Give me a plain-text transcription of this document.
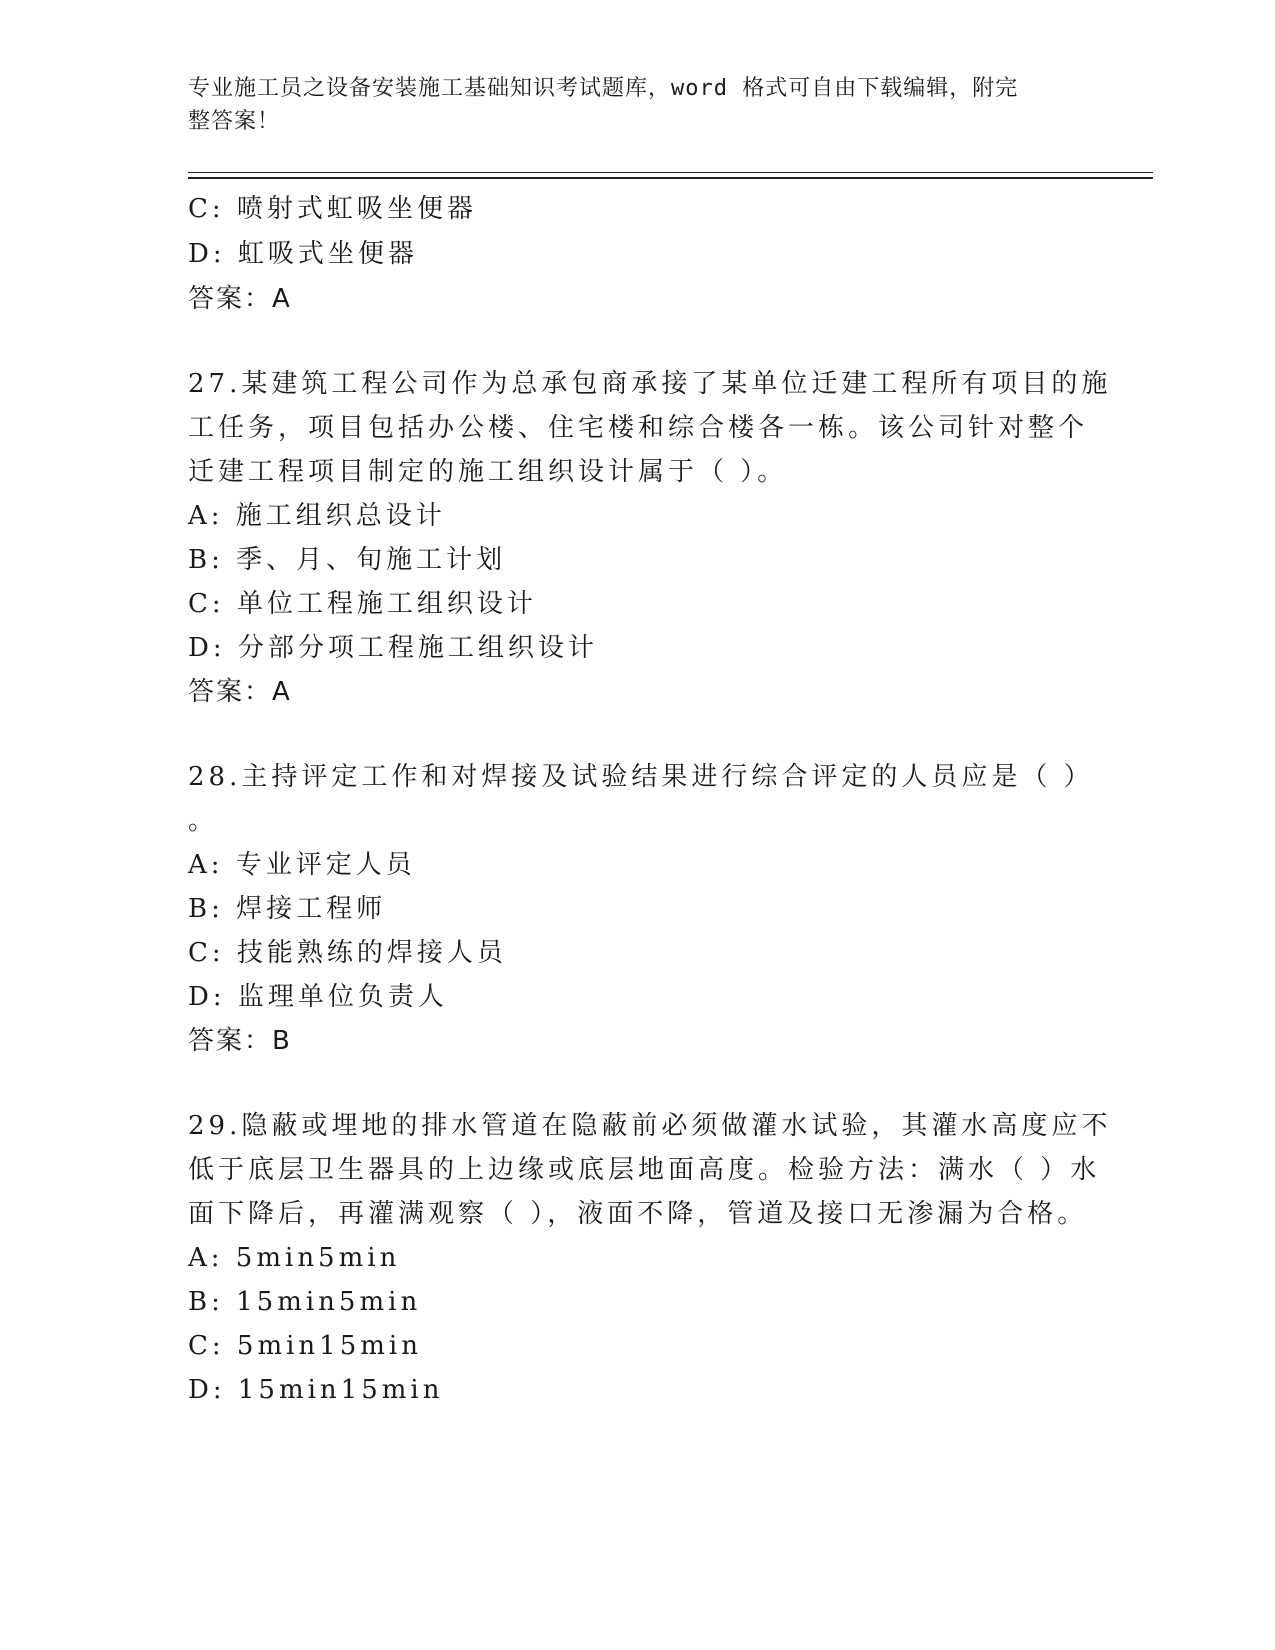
专业施工员之设备安装施工基础知识考试题库，word 格式可自由下载编辑，附完
整答案！
C: 喷射式虹吸坐便器
D: 虹吸式坐便器
答案：A
27.某建筑工程公司作为总承包商承接了某单位迁建工程所有项目的施
工任务，项目包括办公楼、住宅楼和综合楼各一栋。该公司针对整个
迁建工程项目制定的施工组织设计属于（ ）。
A: 施工组织总设计
B: 季、月、旬施工计划
C: 单位工程施工组织设计
D: 分部分项工程施工组织设计
答案：A
28.主持评定工作和对焊接及试验结果进行综合评定的人员应是（ ）
。
A: 专业评定人员
B: 焊接工程师
C: 技能熟练的焊接人员
D: 监理单位负责人
答案：B
29.隐蔽或埋地的排水管道在隐蔽前必须做灌水试验，其灌水高度应不
低于底层卫生器具的上边缘或底层地面高度。检验方法：满水（ ）水
面下降后，再灌满观察（ ），液面不降，管道及接口无渗漏为合格。
A: 5min5min
B: 15min5min
C: 5min15min
D: 15min15min
